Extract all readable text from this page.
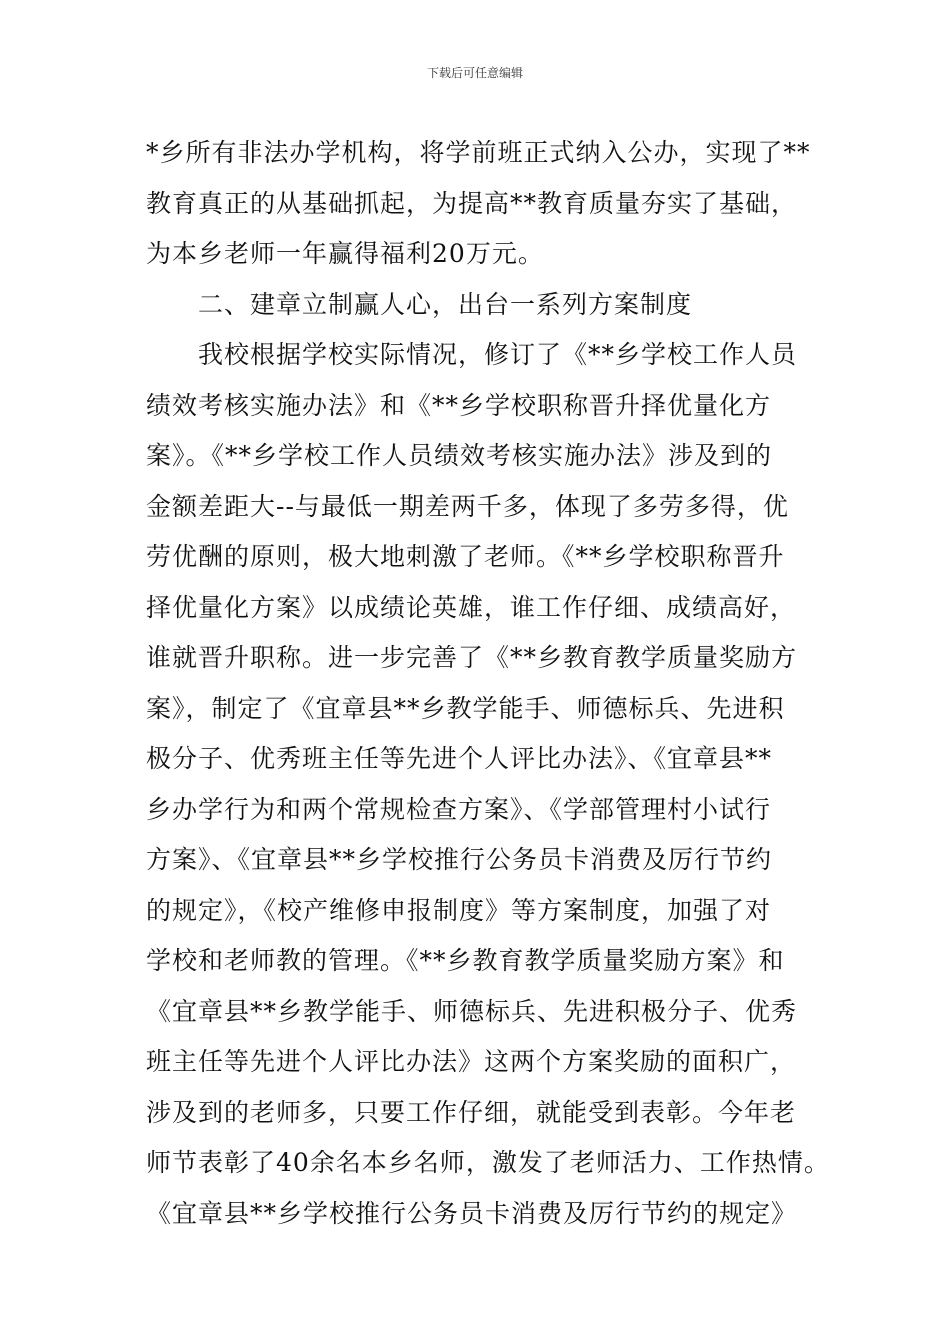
下载后可任意编辑
*乡所有非法办学机构，将学前班正式纳入公办，实现了**
教育真正的从基础抓起，为提高**教育质量夯实了基础，
为本乡老师一年赢得福利20万元。
二、建章立制赢人心，出台一系列方案制度
我校根据学校实际情况，修订了《**乡学校工作人员
绩效考核实施办法》和《**乡学校职称晋升择优量化方
案》。《**乡学校工作人员绩效考核实施办法》涉及到的
金额差距大--与最低一期差两千多，体现了多劳多得，优
劳优酬的原则，极大地刺激了老师。《**乡学校职称晋升
择优量化方案》以成绩论英雄，谁工作仔细、成绩高好，
谁就晋升职称。进一步完善了《**乡教育教学质量奖励方
案》，制定了《宜章县**乡教学能手、师德标兵、先进积
极分子、优秀班主任等先进个人评比办法》、《宜章县**
乡办学行为和两个常规检查方案》、《学部管理村小试行
方案》、《宜章县**乡学校推行公务员卡消费及厉行节约
的规定》，《校产维修申报制度》等方案制度，加强了对
学校和老师教的管理。《**乡教育教学质量奖励方案》和
《宜章县**乡教学能手、师德标兵、先进积极分子、优秀
班主任等先进个人评比办法》这两个方案奖励的面积广，
涉及到的老师多，只要工作仔细，就能受到表彰。今年老
师节表彰了40余名本乡名师，激发了老师活力、工作热情。
《宜章县**乡学校推行公务员卡消费及厉行节约的规定》
